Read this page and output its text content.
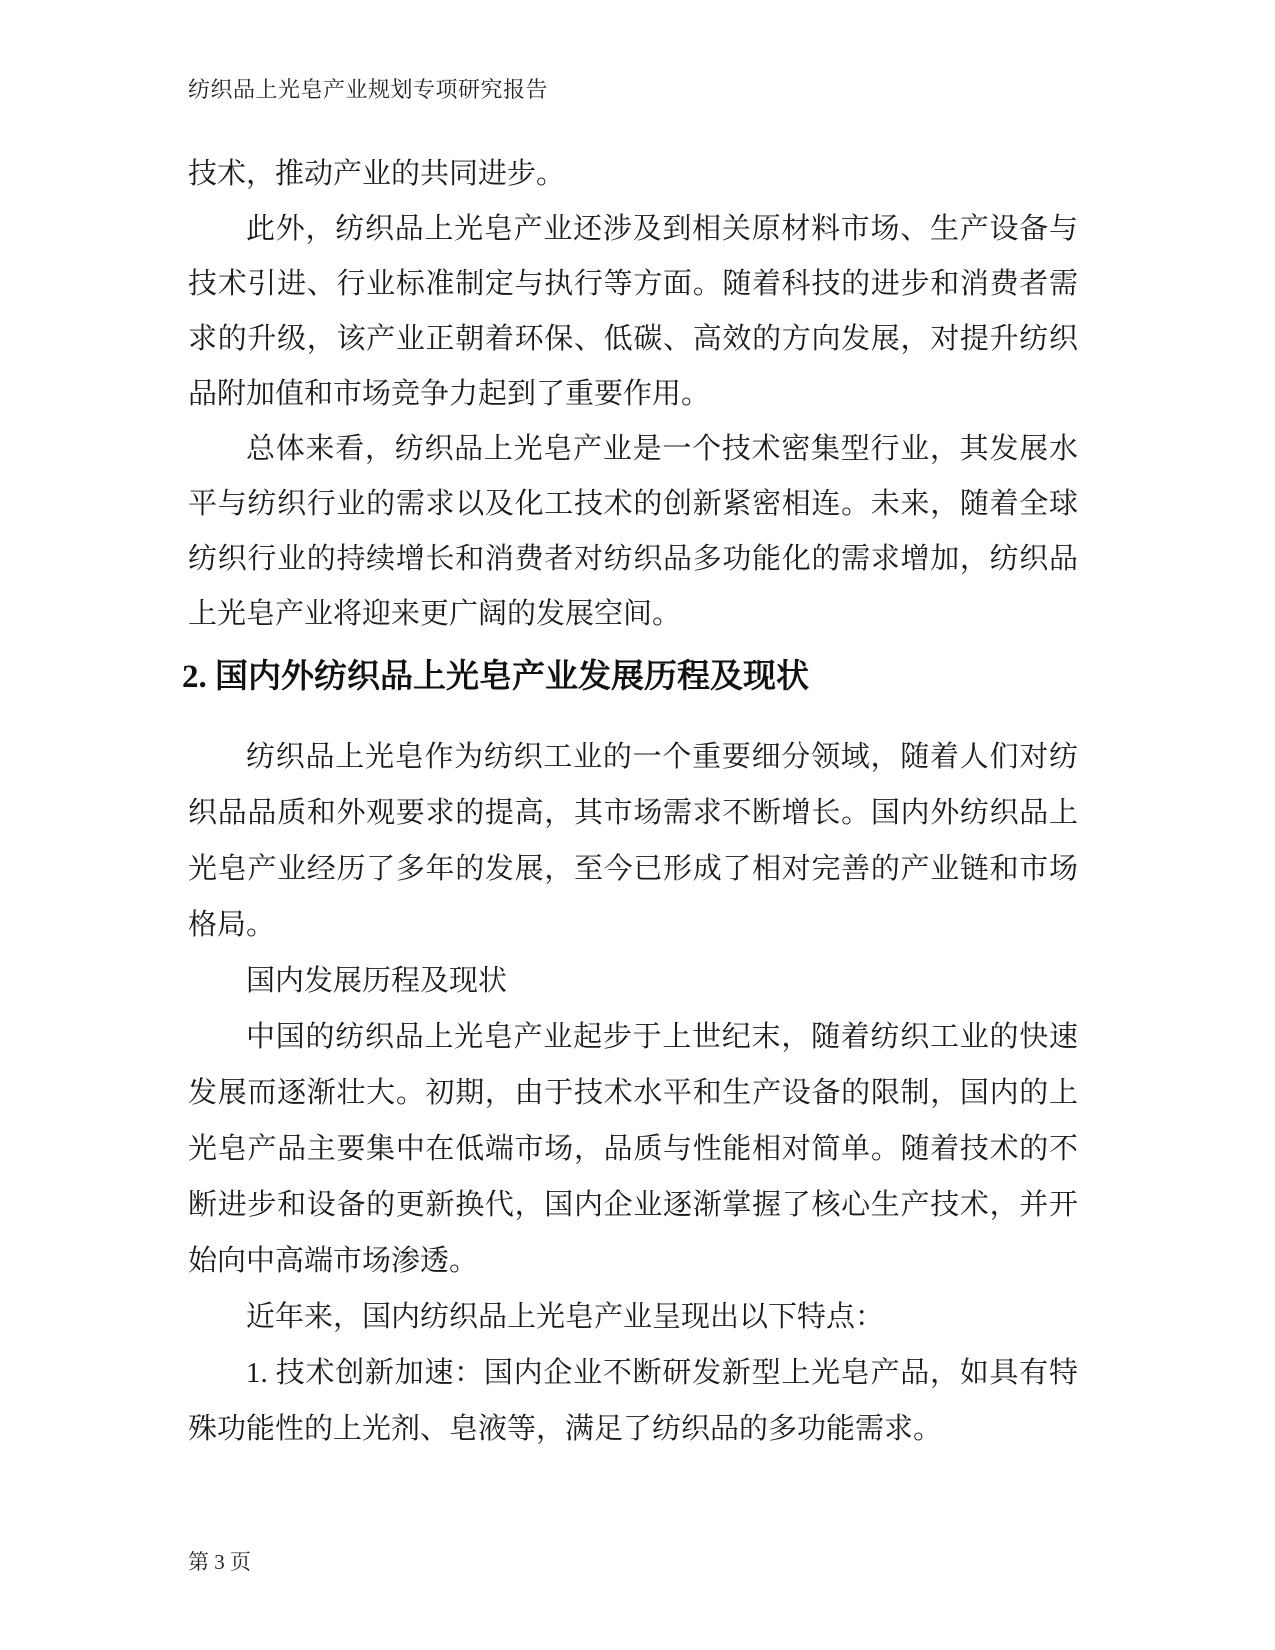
纺织品上光皂产业规划专项研究报告
技术，推动产业的共同进步。
此外，纺织品上光皂产业还涉及到相关原材料市场、生产设备与
技术引进、行业标准制定与执行等方面。随着科技的进步和消费者需
求的升级，该产业正朝着环保、低碳、高效的方向发展，对提升纺织
品附加值和市场竞争力起到了重要作用。
总体来看，纺织品上光皂产业是一个技术密集型行业，其发展水
平与纺织行业的需求以及化工技术的创新紧密相连。未来，随着全球
纺织行业的持续增长和消费者对纺织品多功能化的需求增加，纺织品
上光皂产业将迎来更广阔的发展空间。
2. 国内外纺织品上光皂产业发展历程及现状
纺织品上光皂作为纺织工业的一个重要细分领域，随着人们对纺
织品品质和外观要求的提高，其市场需求不断增长。国内外纺织品上
光皂产业经历了多年的发展，至今已形成了相对完善的产业链和市场
格局。
国内发展历程及现状
中国的纺织品上光皂产业起步于上世纪末，随着纺织工业的快速
发展而逐渐壮大。初期，由于技术水平和生产设备的限制，国内的上
光皂产品主要集中在低端市场，品质与性能相对简单。随着技术的不
断进步和设备的更新换代，国内企业逐渐掌握了核心生产技术，并开
始向中高端市场渗透。
近年来，国内纺织品上光皂产业呈现出以下特点：
1. 技术创新加速：国内企业不断研发新型上光皂产品，如具有特
殊功能性的上光剂、皂液等，满足了纺织品的多功能需求。
第 3 页
